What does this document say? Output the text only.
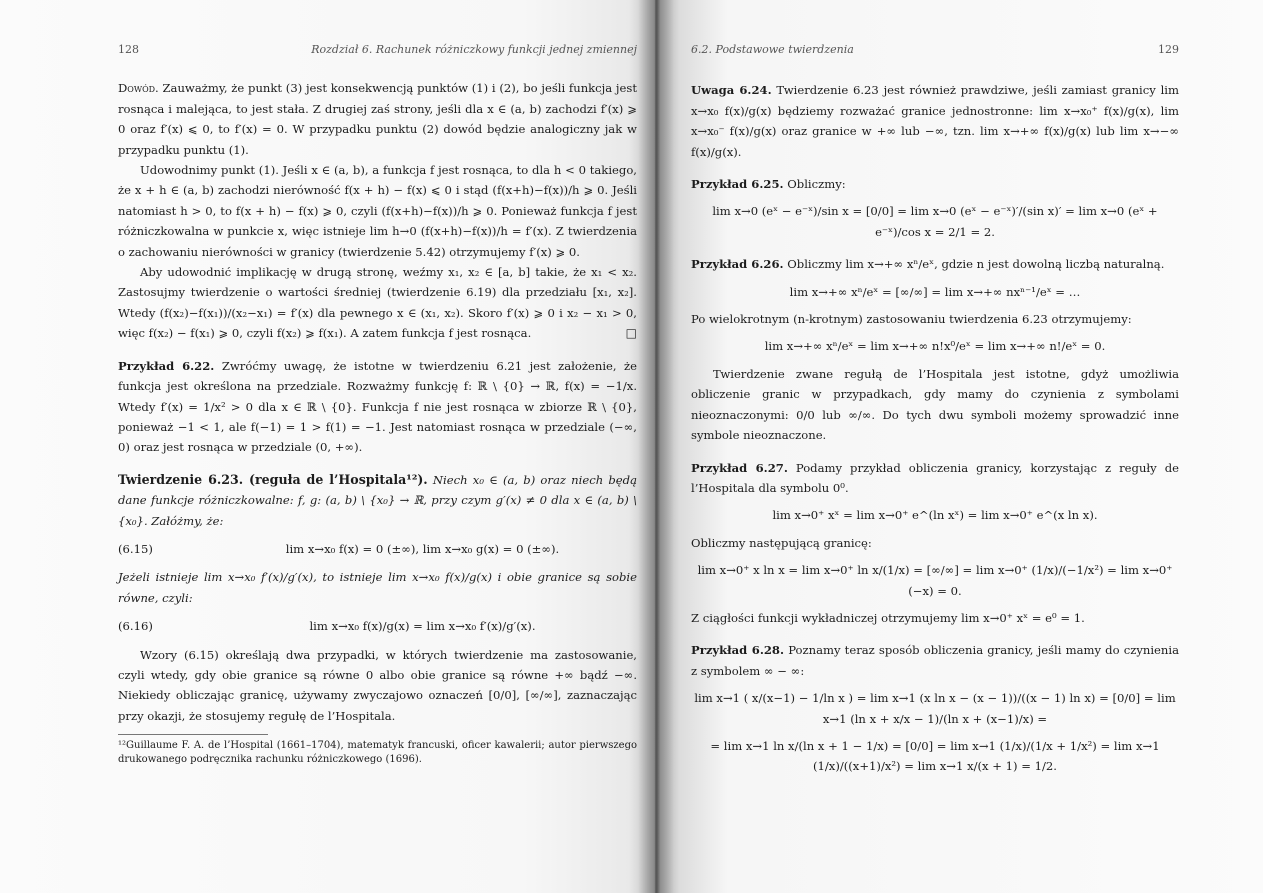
128	Rozdział 6. Rachunek różniczkowy funkcji jednej zmiennej

Dowód. Zauważmy, że punkt (3) jest konsekwencją punktów (1) i (2), bo jeśli funkcja jest rosnąca i malejąca, to jest stała. Z drugiej zaś strony, jeśli dla x ∈ (a, b) zachodzi f′(x) ⩾ 0 oraz f′(x) ⩽ 0, to f′(x) = 0. W przypadku punktu (2) dowód będzie analogiczny jak w przypadku punktu (1).

Udowodnimy punkt (1). Jeśli x ∈ (a, b), a funkcja f jest rosnąca, to dla h < 0 takiego, że x + h ∈ (a, b) zachodzi nierówność f(x + h) − f(x) ⩽ 0 i stąd (f(x+h)−f(x))/h ⩾ 0. Jeśli natomiast h > 0, to f(x + h) − f(x) ⩾ 0, czyli (f(x+h)−f(x))/h ⩾ 0. Ponieważ funkcja f jest różniczkowalna w punkcie x, więc istnieje lim h→0 (f(x+h)−f(x))/h = f′(x). Z twierdzenia o zachowaniu nierówności w granicy (twierdzenie 5.42) otrzymujemy f′(x) ⩾ 0.

Aby udowodnić implikację w drugą stronę, weźmy x₁, x₂ ∈ [a, b] takie, że x₁ < x₂. Zastosujmy twierdzenie o wartości średniej (twierdzenie 6.19) dla przedziału [x₁, x₂]. Wtedy (f(x₂)−f(x₁))/(x₂−x₁) = f′(x) dla pewnego x ∈ (x₁, x₂). Skoro f′(x) ⩾ 0 i x₂ − x₁ > 0, więc f(x₂) − f(x₁) ⩾ 0, czyli f(x₂) ⩾ f(x₁). A zatem funkcja f jest rosnąca.	□

Przykład 6.22. Zwróćmy uwagę, że istotne w twierdzeniu 6.21 jest założenie, że funkcja jest określona na przedziale. Rozważmy funkcję f: ℝ \ {0} → ℝ, f(x) = −1/x. Wtedy f′(x) = 1/x² > 0 dla x ∈ ℝ \ {0}. Funkcja f nie jest rosnąca w zbiorze ℝ \ {0}, ponieważ −1 < 1, ale f(−1) = 1 > f(1) = −1. Jest natomiast rosnąca w przedziale (−∞, 0) oraz jest rosnąca w przedziale (0, +∞).

Twierdzenie 6.23. (reguła de l’Hospitala¹²). Niech x₀ ∈ (a, b) oraz niech będą dane funkcje różniczkowalne: f, g: (a, b) \ {x₀} → ℝ, przy czym g′(x) ≠ 0 dla x ∈ (a, b) \ {x₀}. Załóżmy, że:

(6.15)	lim x→x₀ f(x) = 0 (±∞), lim x→x₀ g(x) = 0 (±∞).

Jeżeli istnieje lim x→x₀ f′(x)/g′(x), to istnieje lim x→x₀ f(x)/g(x) i obie granice są sobie równe, czyli:

(6.16)	lim x→x₀ f(x)/g(x) = lim x→x₀ f′(x)/g′(x).

Wzory (6.15) określają dwa przypadki, w których twierdzenie ma zastosowanie, czyli wtedy, gdy obie granice są równe 0 albo obie granice są równe +∞ bądź −∞. Niekiedy obliczając granicę, używamy zwyczajowo oznaczeń [0/0], [∞/∞], zaznaczając przy okazji, że stosujemy regułę de l’Hospitala.

¹²Guillaume F. A. de l’Hospital (1661–1704), matematyk francuski, oficer kawalerii; autor pierwszego drukowanego podręcznika rachunku różniczkowego (1696).

6.2. Podstawowe twierdzenia	129

Uwaga 6.24. Twierdzenie 6.23 jest również prawdziwe, jeśli zamiast granicy lim x→x₀ f(x)/g(x) będziemy rozważać granice jednostronne: lim x→x₀⁺ f(x)/g(x), lim x→x₀⁻ f(x)/g(x) oraz granice w +∞ lub −∞, tzn. lim x→+∞ f(x)/g(x) lub lim x→−∞ f(x)/g(x).

Przykład 6.25. Obliczmy:

lim x→0 (eˣ − e⁻ˣ)/sin x = [0/0] = lim x→0 (eˣ − e⁻ˣ)′/(sin x)′ = lim x→0 (eˣ + e⁻ˣ)/cos x = 2/1 = 2.

Przykład 6.26. Obliczmy lim x→+∞ xⁿ/eˣ, gdzie n jest dowolną liczbą naturalną.

lim x→+∞ xⁿ/eˣ = [∞/∞] = lim x→+∞ nxⁿ⁻¹/eˣ = …

Po wielokrotnym (n-krotnym) zastosowaniu twierdzenia 6.23 otrzymujemy:

lim x→+∞ xⁿ/eˣ = lim x→+∞ n!x⁰/eˣ = lim x→+∞ n!/eˣ = 0.

Twierdzenie zwane regułą de l’Hospitala jest istotne, gdyż umożliwia obliczenie granic w przypadkach, gdy mamy do czynienia z symbolami nieoznaczonymi: 0/0 lub ∞/∞. Do tych dwu symboli możemy sprowadzić inne symbole nieoznaczone.

Przykład 6.27. Podamy przykład obliczenia granicy, korzystając z reguły de l’Hospitala dla symbolu 0⁰.

lim x→0⁺ xˣ = lim x→0⁺ e^(ln xˣ) = lim x→0⁺ e^(x ln x).

Obliczmy następującą granicę:

lim x→0⁺ x ln x = lim x→0⁺ ln x/(1/x) = [∞/∞] = lim x→0⁺ (1/x)/(−1/x²) = lim x→0⁺ (−x) = 0.

Z ciągłości funkcji wykładniczej otrzymujemy lim x→0⁺ xˣ = e⁰ = 1.

Przykład 6.28. Poznamy teraz sposób obliczenia granicy, jeśli mamy do czynienia z symbolem ∞ − ∞:

lim x→1 ( x/(x−1) − 1/ln x ) = lim x→1 (x ln x − (x − 1))/((x − 1) ln x) = [0/0] = lim x→1 (ln x + x/x − 1)/(ln x + (x−1)/x) =

= lim x→1 ln x/(ln x + 1 − 1/x) = [0/0] = lim x→1 (1/x)/(1/x + 1/x²) = lim x→1 (1/x)/((x+1)/x²) = lim x→1 x/(x + 1) = 1/2.
